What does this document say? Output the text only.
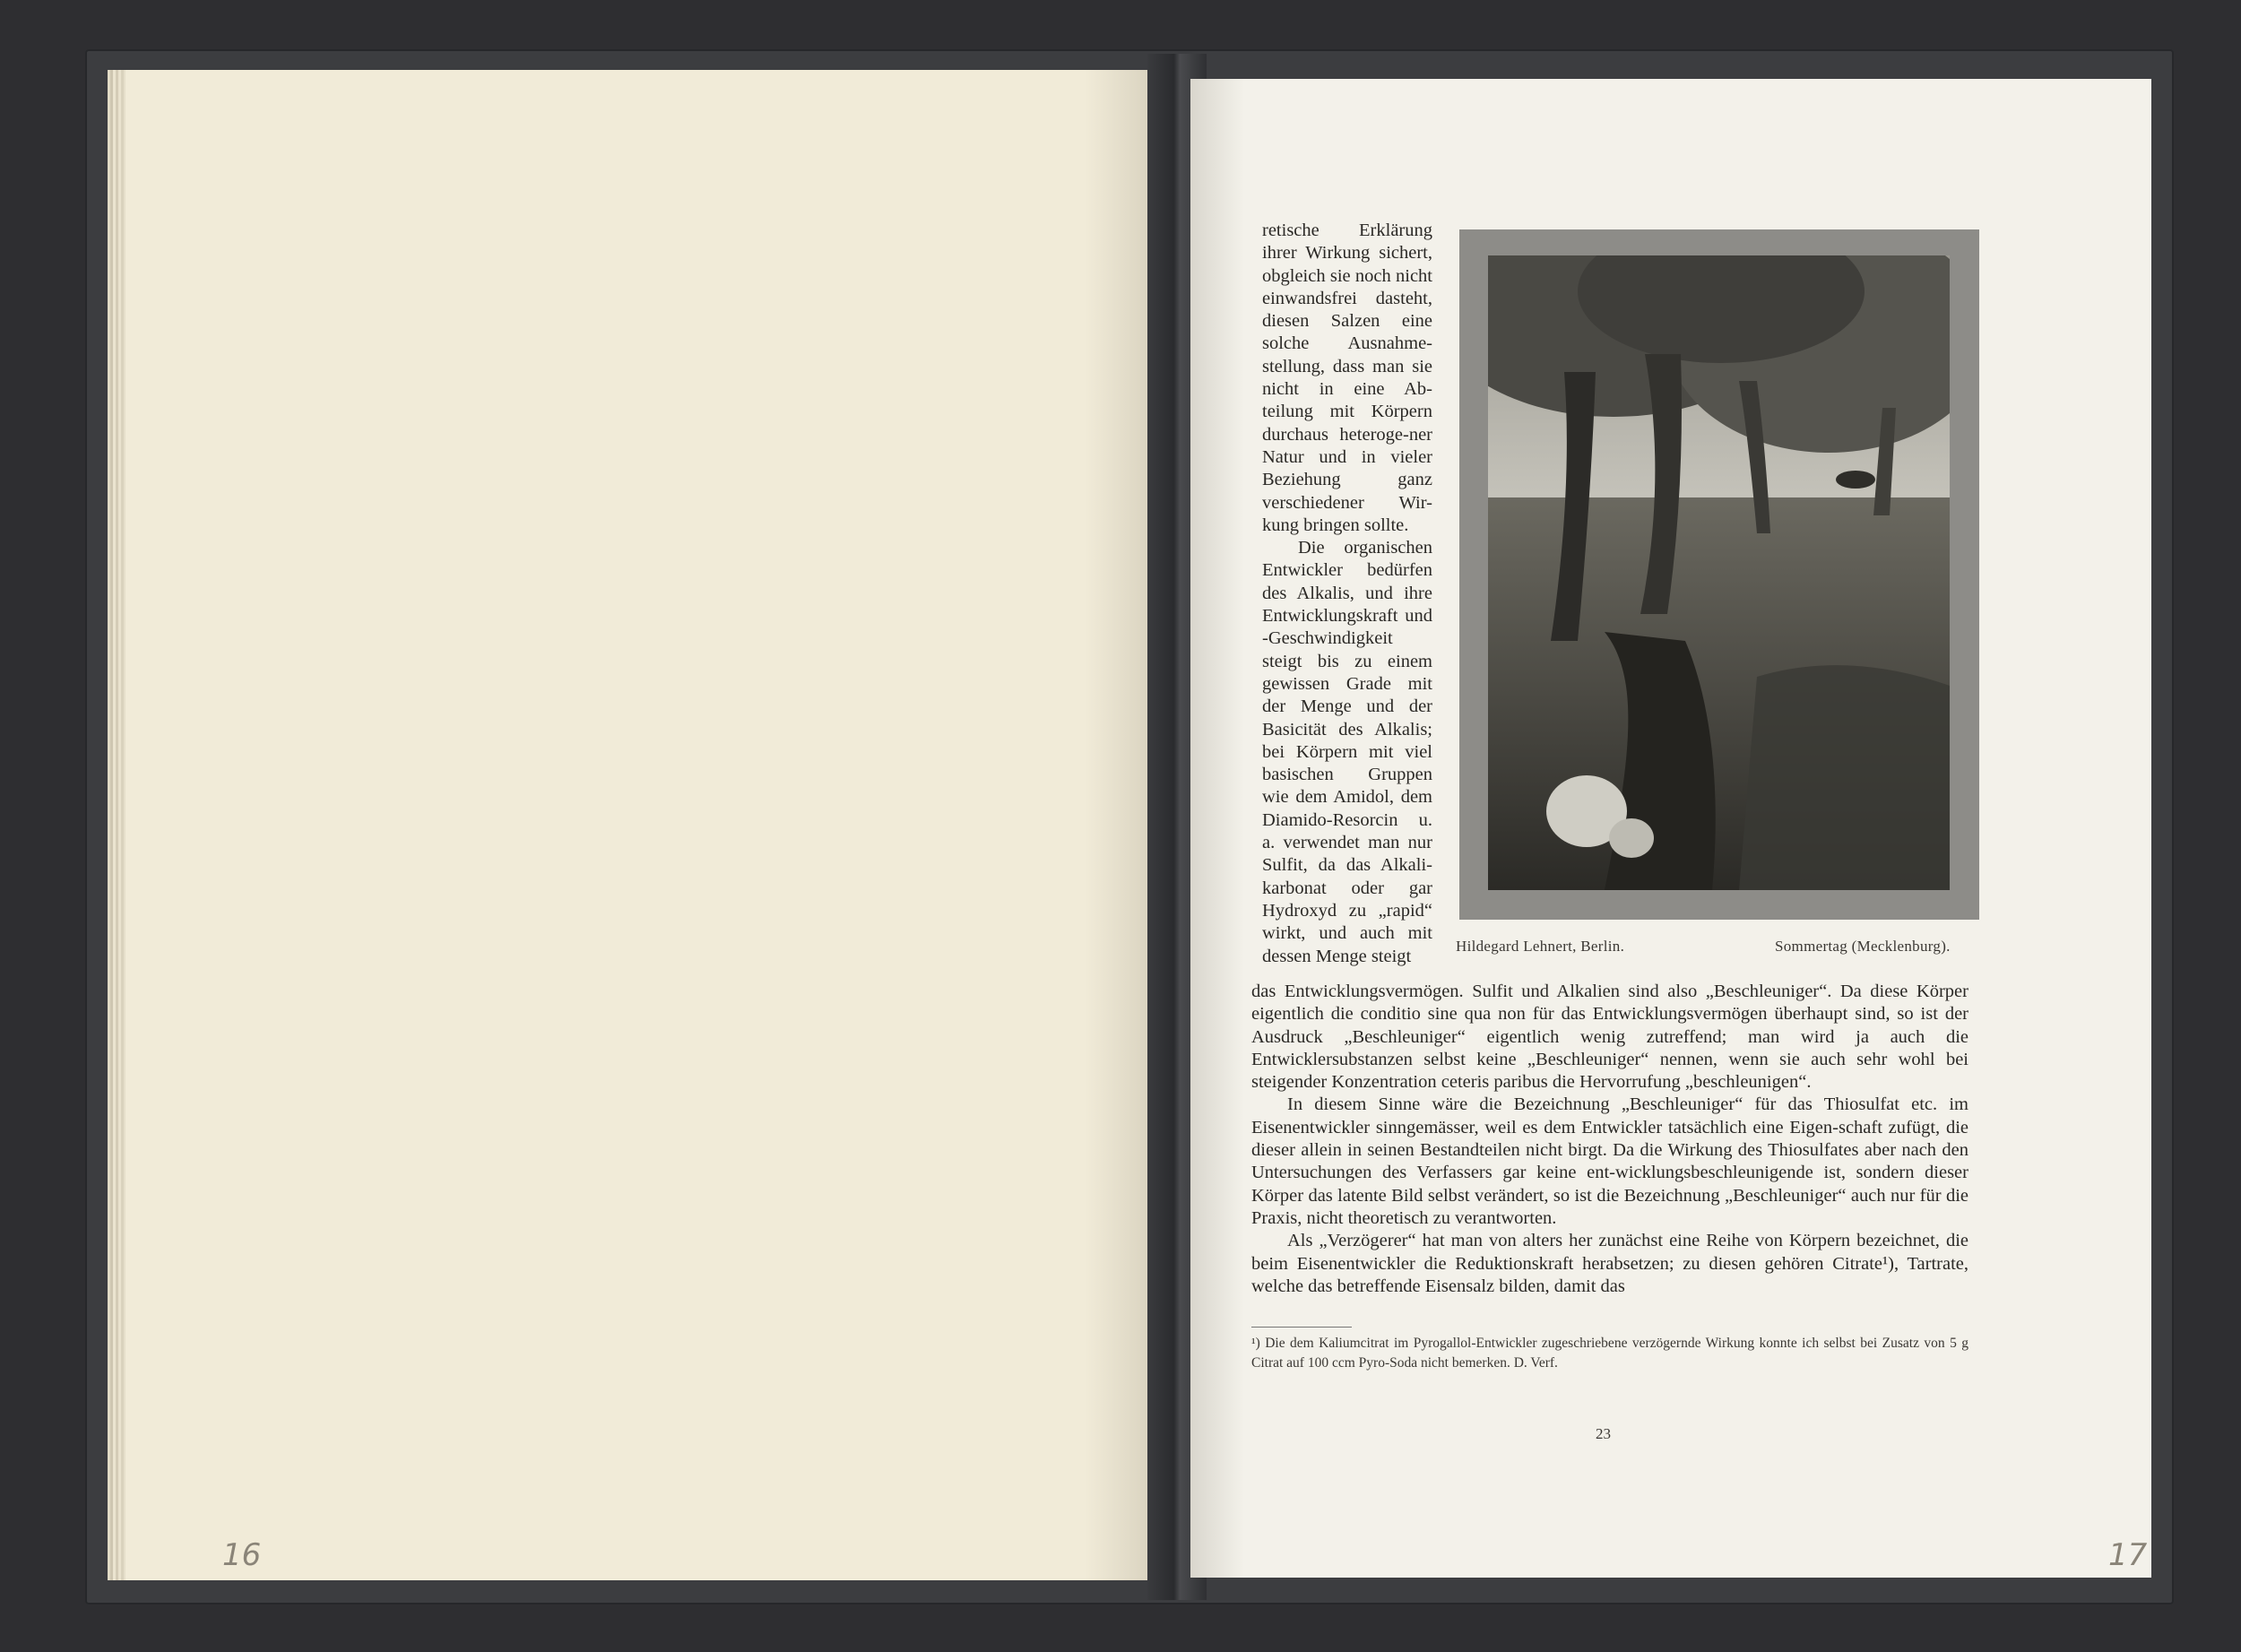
16	17

retische Erklärung ihrer Wirkung sichert, obgleich sie noch nicht einwandsfrei dasteht, diesen Salzen eine solche Ausnahme-stellung, dass man sie nicht in eine Ab-teilung mit Körpern durchaus heteroge-ner Natur und in vieler Beziehung ganz verschiedener Wir-kung bringen sollte.

Die organischen Entwickler bedürfen des Alkalis, und ihre Entwicklungskraft und -Geschwindigkeit steigt bis zu einem gewissen Grade mit der Menge und der Basicität des Alkalis; bei Körpern mit viel basischen Gruppen wie dem Amidol, dem Diamido-Resorcin u. a. verwendet man nur Sulfit, da das Alkali-karbonat oder gar Hydroxyd zu „rapid“ wirkt, und auch mit dessen Menge steigt	Hildegard Lehnert, Berlin.	Sommertag (Mecklenburg).

das Entwicklungsvermögen. Sulfit und Alkalien sind also „Beschleuniger“. Da diese Körper eigentlich die conditio sine qua non für das Entwicklungsvermögen überhaupt sind, so ist der Ausdruck „Beschleuniger“ eigentlich wenig zutreffend; man wird ja auch die Entwicklersubstanzen selbst keine „Beschleuniger“ nennen, wenn sie auch sehr wohl bei steigender Konzentration ceteris paribus die Hervorrufung „beschleunigen“.

In diesem Sinne wäre die Bezeichnung „Beschleuniger“ für das Thiosulfat etc. im Eisenentwickler sinngemässer, weil es dem Entwickler tatsächlich eine Eigen-schaft zufügt, die dieser allein in seinen Bestandteilen nicht birgt. Da die Wirkung des Thiosulfates aber nach den Untersuchungen des Verfassers gar keine ent-wicklungsbeschleunigende ist, sondern dieser Körper das latente Bild selbst verändert, so ist die Bezeichnung „Beschleuniger“ auch nur für die Praxis, nicht theoretisch zu verantworten.

Als „Verzögerer“ hat man von alters her zunächst eine Reihe von Körpern bezeichnet, die beim Eisenentwickler die Reduktionskraft herabsetzen; zu diesen gehören Citrate¹), Tartrate, welche das betreffende Eisensalz bilden, damit das

¹) Die dem Kaliumcitrat im Pyrogallol-Entwickler zugeschriebene verzögernde Wirkung konnte ich selbst bei Zusatz von 5 g Citrat auf 100 ccm Pyro-Soda nicht bemerken. D. Verf.
23
